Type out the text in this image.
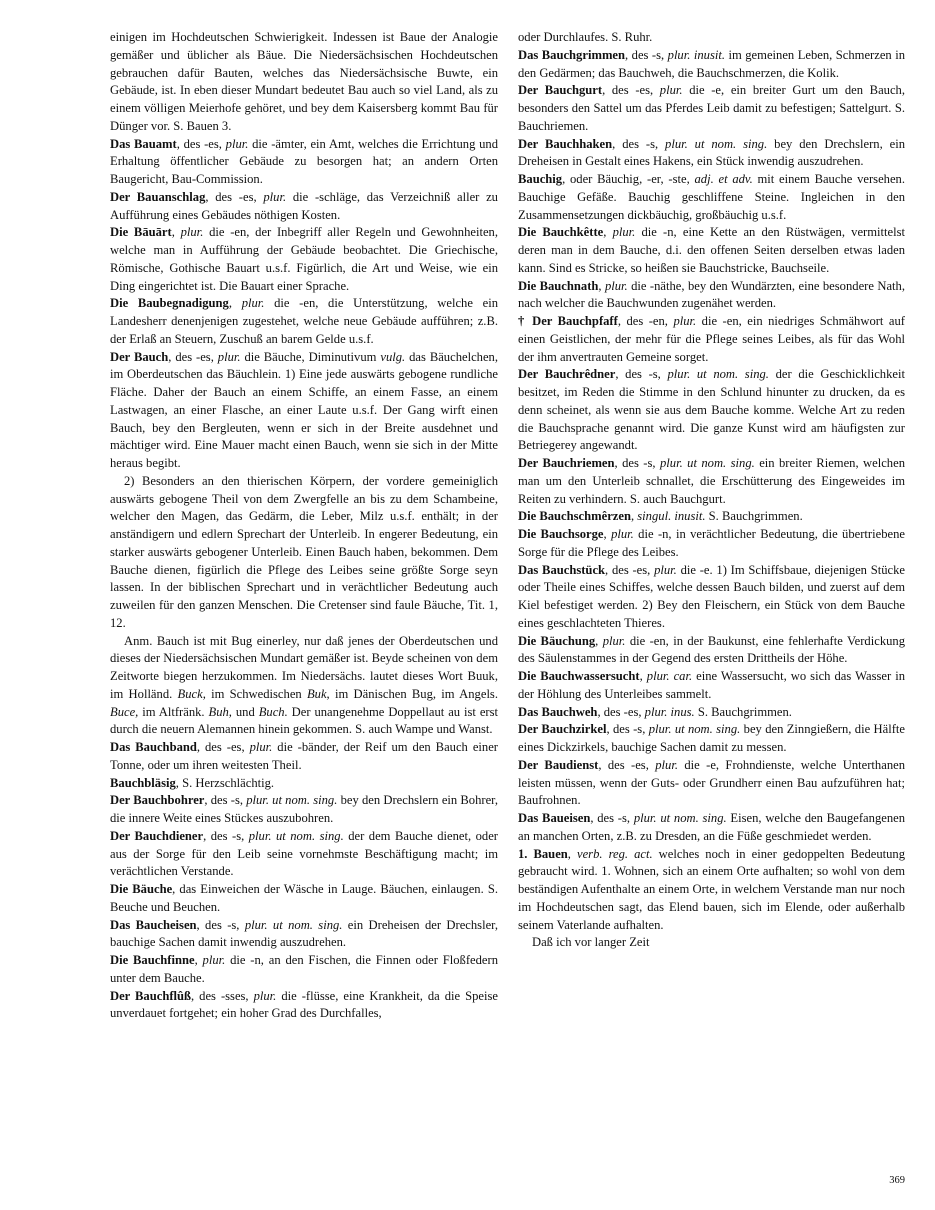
einigen im Hochdeutschen Schwierigkeit. Indessen ist Baue der Analogie gemäßer und üblicher als Bäue. Die Niedersächsischen Hochdeutschen gebrauchen dafür Bauten, welches das Niedersächsische Buwte, ein Gebäude, ist. In eben dieser Mundart bedeutet Bau auch so viel Land, als zu einem völligen Meierhofe gehöret, und bey dem Kaisersberg kommt Bau für Dünger vor. S. Bauen 3.

Das Bauamt, des -es, plur. die -ämter, ein Amt, welches die Errichtung und Erhaltung öffentlicher Gebäude zu besorgen hat; an andern Orten Baugericht, Bau-Commission.

Der Bauanschlag, des -es, plur. die -schläge, das Verzeichniß aller zu Aufführung eines Gebäudes nöthigen Kosten.

Die Bāuārt, plur. die -en, der Inbegriff aller Regeln und Gewohnheiten, welche man in Aufführung der Gebäude beobachtet. Die Griechische, Römische, Gothische Bauart u.s.f. Figürlich, die Art und Weise, wie ein Ding eingerichtet ist. Die Bauart einer Sprache.

Die Baubegnadigung, plur. die -en, die Unterstützung, welche ein Landesherr denenjenigen zugestehet, welche neue Gebäude aufführen; z.B. der Erlaß an Steuern, Zuschuß an barem Gelde u.s.f.

Der Bauch, des -es, plur. die Bäuche, Diminutivum vulg. das Bäuchelchen, im Oberdeutschen das Bäuchlein. 1) Eine jede auswärts gebogene rundliche Fläche. Daher der Bauch an einem Schiffe, an einem Fasse, an einem Lastwagen, an einer Flasche, an einer Laute u.s.f. Der Gang wirft einen Bauch, bey den Bergleuten, wenn er sich in der Breite ausdehnet und mächtiger wird. Eine Mauer macht einen Bauch, wenn sie sich in der Mitte heraus begibt.

2) Besonders an den thierischen Körpern, der vordere gemeiniglich auswärts gebogene Theil von dem Zwergfelle an bis zu dem Schambeine, welcher den Magen, das Gedärm, die Leber, Milz u.s.f. enthält; in der anständigern und edlern Sprechart der Unterleib. In engerer Bedeutung, ein starker auswärts gebogener Unterleib. Einen Bauch haben, bekommen. Dem Bauche dienen, figürlich die Pflege des Leibes seine größte Sorge seyn lassen. In der biblischen Sprechart und in verächtlicher Bedeutung auch zuweilen für den ganzen Menschen. Die Cretenser sind faule Bäuche, Tit. 1, 12.

Anm. Bauch ist mit Bug einerley, nur daß jenes der Oberdeutschen und dieses der Niedersächsischen Mundart gemäßer ist. Beyde scheinen von dem Zeitworte biegen herzukommen. Im Niedersächs. lautet dieses Wort Buuk, im Holländ. Buck, im Schwedischen Buk, im Dänischen Bug, im Angels. Buce, im Altfränk. Buh, und Buch. Der unangenehme Doppellaut au ist erst durch die neuern Alemannen hinein gekommen. S. auch Wampe und Wanst.

Das Bauchband, des -es, plur. die -bänder, der Reif um den Bauch einer Tonne, oder um ihren weitesten Theil.

Bauchbläsig, S. Herzschlächtig.

Der Bauchbohrer, des -s, plur. ut nom. sing. bey den Drechslern ein Bohrer, die innere Weite eines Stückes auszubohren.

Der Bauchdiener, des -s, plur. ut nom. sing. der dem Bauche dienet, oder aus der Sorge für den Leib seine vornehmste Beschäftigung macht; im verächtlichen Verstande.

Die Bäuche, das Einweichen der Wäsche in Lauge. Bäuchen, einlaugen. S. Beuche und Beuchen.

Das Baucheisen, des -s, plur. ut nom. sing. ein Dreheisen der Drechsler, bauchige Sachen damit inwendig auszudrehen.

Die Bauchfinne, plur. die -n, an den Fischen, die Finnen oder Floßfedern unter dem Bauche.

Der Bauchflûß, des -sses, plur. die -flüsse, eine Krankheit, da die Speise unverdauet fortgehet; ein hoher Grad des Durchfalles,

oder Durchlaufes. S. Ruhr.

Das Bauchgrimmen, des -s, plur. inusit. im gemeinen Leben, Schmerzen in den Gedärmen; das Bauchweh, die Bauchschmerzen, die Kolik.

Der Bauchgurt, des -es, plur. die -e, ein breiter Gurt um den Bauch, besonders den Sattel um das Pferdes Leib damit zu befestigen; Sattelgurt. S. Bauchriemen.

Der Bauchhaken, des -s, plur. ut nom. sing. bey den Drechslern, ein Dreheisen in Gestalt eines Hakens, ein Stück inwendig auszudrehen.

Bauchig, oder Bäuchig, -er, -ste, adj. et adv. mit einem Bauche versehen. Bauchige Gefäße. Bauchig geschliffene Steine. Ingleichen in den Zusammensetzungen dickbäuchig, großbäuchig u.s.f.

Die Bauchkêtte, plur. die -n, eine Kette an den Rüstwägen, vermittelst deren man in dem Bauche, d.i. den offenen Seiten derselben etwas laden kann. Sind es Stricke, so heißen sie Bauchstricke, Bauchseile.

Die Bauchnath, plur. die -näthe, bey den Wundärzten, eine besondere Nath, nach welcher die Bauchwunden zugenähet werden.

† Der Bauchpfaff, des -en, plur. die -en, ein niedriges Schmähwort auf einen Geistlichen, der mehr für die Pflege seines Leibes, als für das Wohl der ihm anvertrauten Gemeine sorget.

Der Bauchrêdner, des -s, plur. ut nom. sing. der die Geschicklichkeit besitzet, im Reden die Stimme in den Schlund hinunter zu drucken, da es denn scheinet, als wenn sie aus dem Bauche komme. Welche Art zu reden die Bauchsprache genannt wird. Die ganze Kunst wird am häufigsten zur Betriegerey angewandt.

Der Bauchriemen, des -s, plur. ut nom. sing. ein breiter Riemen, welchen man um den Unterleib schnallet, die Erschütterung des Eingeweides im Reiten zu verhindern. S. auch Bauchgurt.

Die Bauchschmêrzen, singul. inusit. S. Bauchgrimmen.

Die Bauchsorge, plur. die -n, in verächtlicher Bedeutung, die übertriebene Sorge für die Pflege des Leibes.

Das Bauchstück, des -es, plur. die -e. 1) Im Schiffsbaue, diejenigen Stücke oder Theile eines Schiffes, welche dessen Bauch bilden, und zuerst auf dem Kiel befestiget werden. 2) Bey den Fleischern, ein Stück von dem Bauche eines geschlachteten Thieres.

Die Bäuchung, plur. die -en, in der Baukunst, eine fehlerhafte Verdickung des Säulenstammes in der Gegend des ersten Drittheils der Höhe.

Die Bauchwassersucht, plur. car. eine Wassersucht, wo sich das Wasser in der Höhlung des Unterleibes sammelt.

Das Bauchweh, des -es, plur. inus. S. Bauchgrimmen.

Der Bauchzirkel, des -s, plur. ut nom. sing. bey den Zinngießern, die Hälfte eines Dickzirkels, bauchige Sachen damit zu messen.

Der Baudienst, des -es, plur. die -e, Frohndienste, welche Unterthanen leisten müssen, wenn der Guts- oder Grundherr einen Bau aufzuführen hat; Baufrohnen.

Das Baueisen, des -s, plur. ut nom. sing. Eisen, welche den Baugefangenen an manchen Orten, z.B. zu Dresden, an die Füße geschmiedet werden.

1. Bauen, verb. reg. act. welches noch in einer gedoppelten Bedeutung gebraucht wird. 1. Wohnen, sich an einem Orte aufhalten; so wohl von dem beständigen Aufenthalte an einem Orte, in welchem Verstande man nur noch im Hochdeutschen sagt, das Elend bauen, sich im Elende, oder außerhalb seinem Vaterlande aufhalten.

Daß ich vor langer Zeit

369
